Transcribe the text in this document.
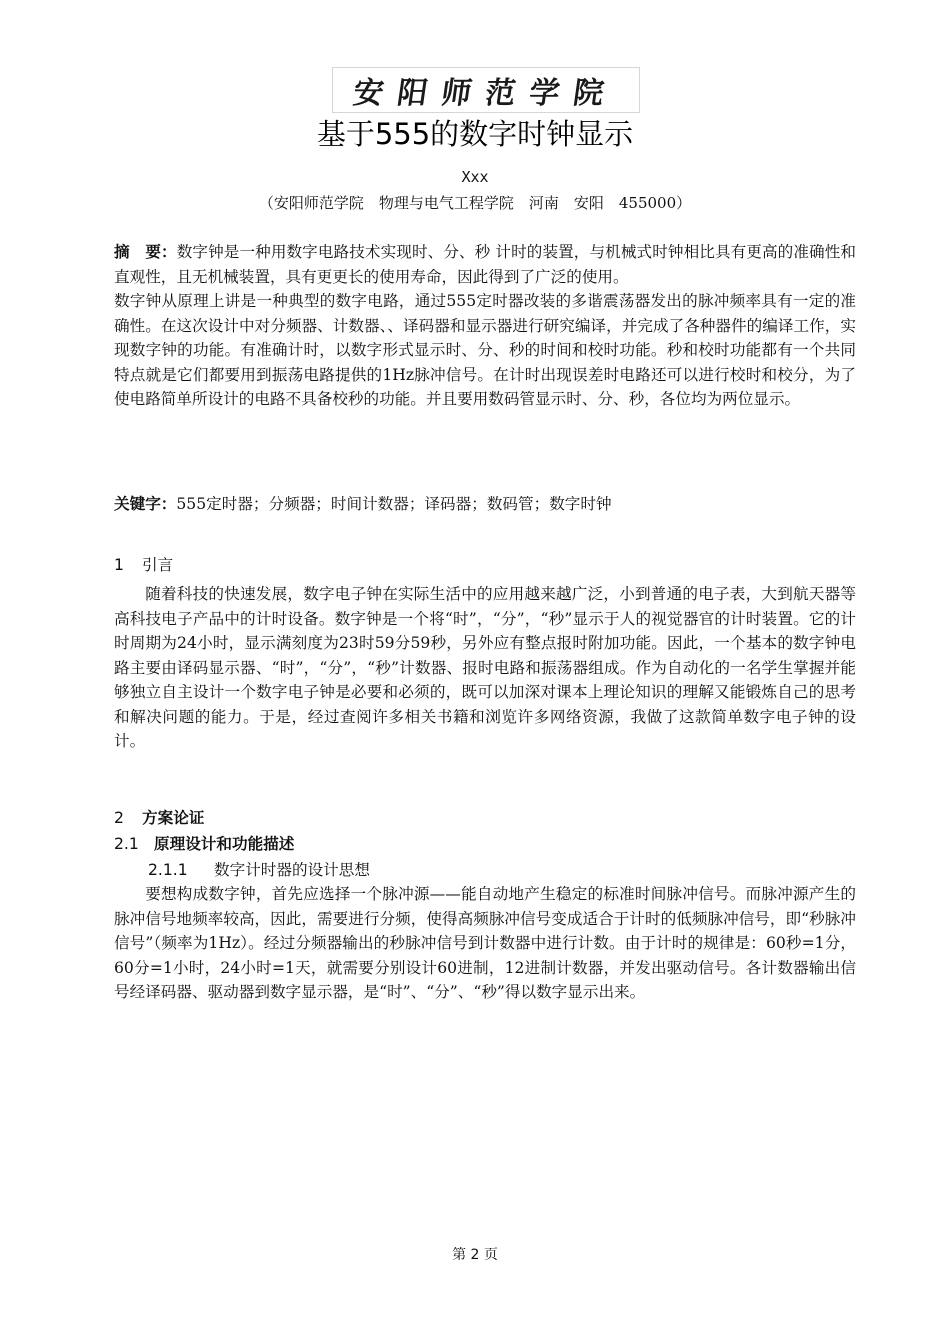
安阳师范学院
基于555的数字时钟显示
Xxx
（安阳师范学院　物理与电气工程学院　河南　安阳　455000）
摘　要：数字钟是一种用数字电路技术实现时、分、秒 计时的装置，与机械式时钟相比具有更高的准确性和直观性，且无机械装置，具有更更长的使用寿命，因此得到了广泛的使用。
数字钟从原理上讲是一种典型的数字电路，通过555定时器改装的多谐震荡器发出的脉冲频率具有一定的准确性。在这次设计中对分频器、计数器、、译码器和显示器进行研究编译，并完成了各种器件的编译工作，实现数字钟的功能。有准确计时，以数字形式显示时、分、秒的时间和校时功能。秒和校时功能都有一个共同特点就是它们都要用到振荡电路提供的1Hz脉冲信号。在计时出现误差时电路还可以进行校时和校分，为了使电路简单所设计的电路不具备校秒的功能。并且要用数码管显示时、分、秒，各位均为两位显示。
关键字：555定时器；分频器；时间计数器；译码器；数码管；数字时钟
1 引言
随着科技的快速发展，数字电子钟在实际生活中的应用越来越广泛，小到普通的电子表，大到航天器等高科技电子产品中的计时设备。数字钟是一个将“时”，“分”，“秒”显示于人的视觉器官的计时装置。它的计时周期为24小时，显示满刻度为23时59分59秒，另外应有整点报时附加功能。因此，一个基本的数字钟电路主要由译码显示器、“时”，“分”，“秒”计数器、报时电路和振荡器组成。作为自动化的一名学生掌握并能够独立自主设计一个数字电子钟是必要和必须的，既可以加深对课本上理论知识的理解又能锻炼自己的思考和解决问题的能力。于是，经过查阅许多相关书籍和浏览许多网络资源，我做了这款简单数字电子钟的设计。
2 方案论证
2.1 原理设计和功能描述
2.1.1 数字计时器的设计思想
要想构成数字钟，首先应选择一个脉冲源——能自动地产生稳定的标准时间脉冲信号。而脉冲源产生的脉冲信号地频率较高，因此，需要进行分频，使得高频脉冲信号变成适合于计时的低频脉冲信号，即“秒脉冲信号”（频率为1Hz）。经过分频器输出的秒脉冲信号到计数器中进行计数。由于计时的规律是：60秒=1分，60分=1小时，24小时=1天，就需要分别设计60进制，12进制计数器，并发出驱动信号。各计数器输出信号经译码器、驱动器到数字显示器，是“时”、“分”、“秒”得以数字显示出来。
第 2 页
